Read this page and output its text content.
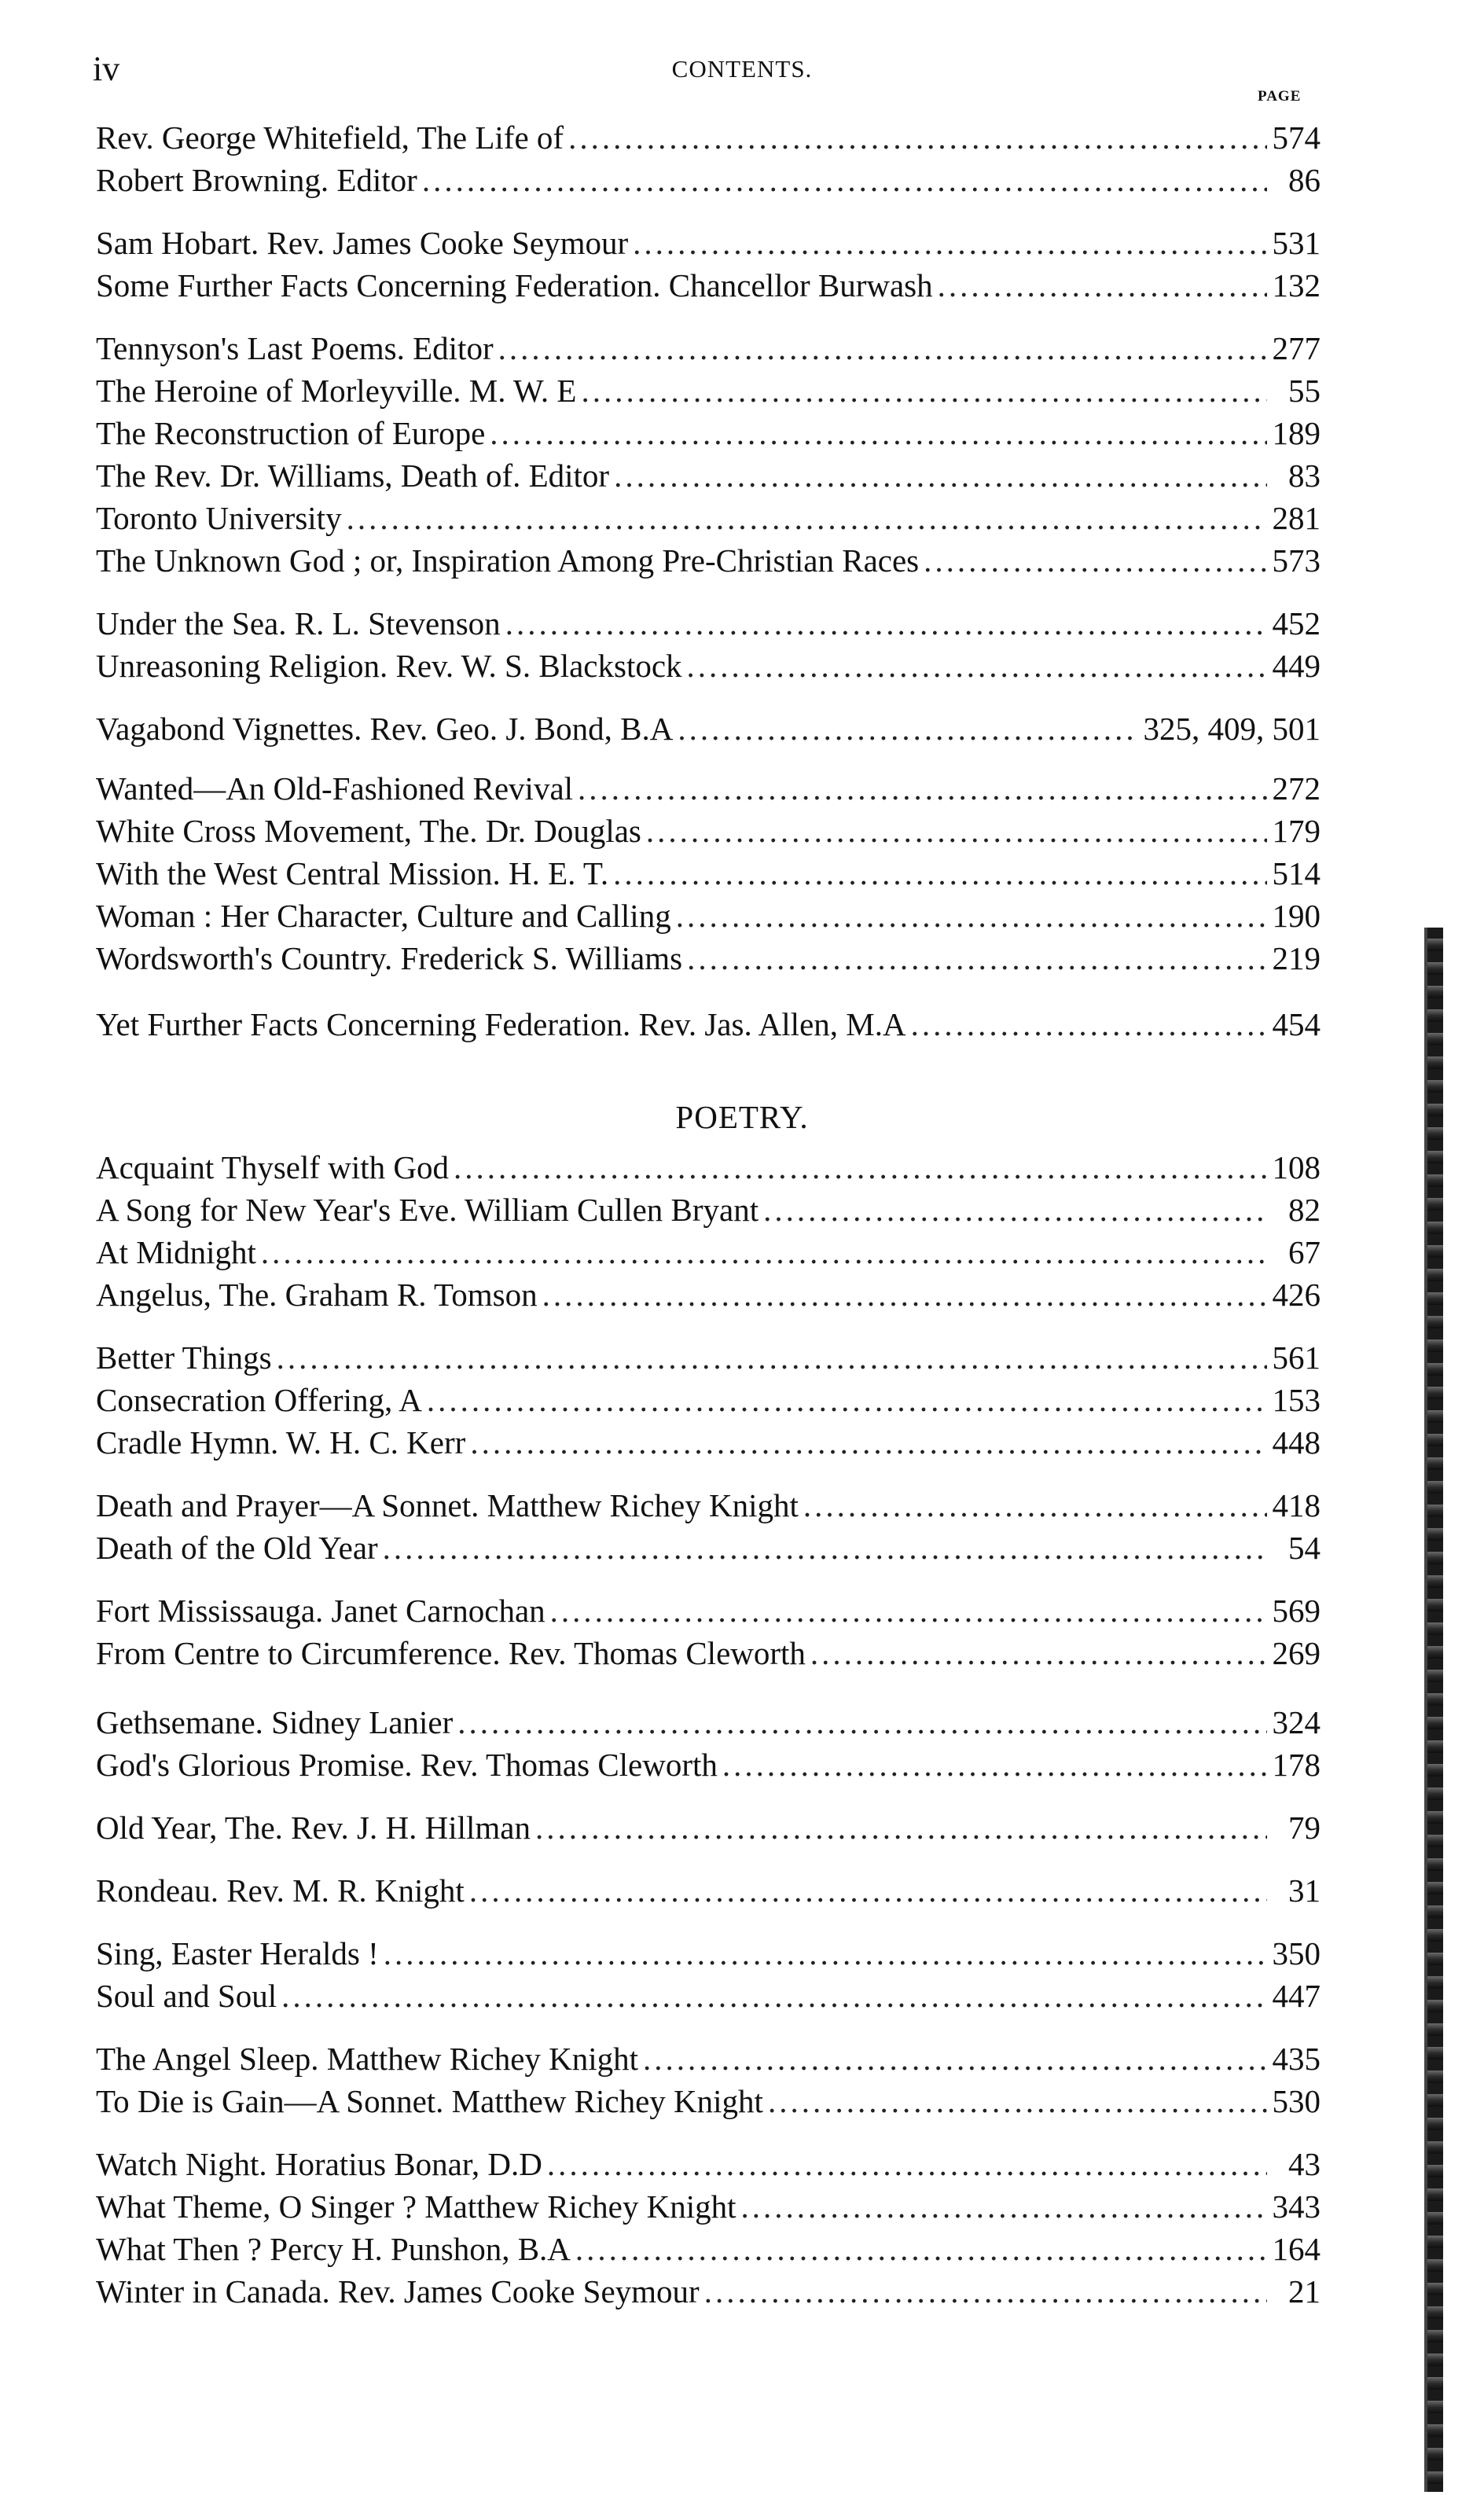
iv	CONTENTS.
PAGE
Rev. George Whitefield, The Life of .....	574
Robert Browning. Editor .....	86
Sam Hobart. Rev. James Cooke Seymour .....	531
Some Further Facts Concerning Federation. Chancellor Burwash .....	132
Tennyson's Last Poems. Editor .....	277
The Heroine of Morleyville. M. W. E .....	55
The Reconstruction of Europe .....	189
The Rev. Dr. Williams, Death of. Editor .....	83
Toronto University .....	281
The Unknown God ; or, Inspiration Among Pre-Christian Races .....	573
Under the Sea. R. L. Stevenson .....	452
Unreasoning Religion. Rev. W. S. Blackstock .....	449
Vagabond Vignettes. Rev. Geo. J. Bond, B.A .....	325, 409, 501
Wanted—An Old-Fashioned Revival .....	272
White Cross Movement, The. Dr. Douglas .....	179
With the West Central Mission. H. E. T. .....	514
Woman : Her Character, Culture and Calling .....	190
Wordsworth's Country. Frederick S. Williams .....	219
Yet Further Facts Concerning Federation. Rev. Jas. Allen, M.A .....	454
POETRY.
Acquaint Thyself with God .....	108
A Song for New Year's Eve. William Cullen Bryant .....	82
At Midnight .....	67
Angelus, The. Graham R. Tomson .....	426
Better Things .....	561
Consecration Offering, A .....	153
Cradle Hymn. W. H. C. Kerr .....	448
Death and Prayer—A Sonnet. Matthew Richey Knight .....	418
Death of the Old Year .....	54
Fort Mississauga. Janet Carnochan .....	569
From Centre to Circumference. Rev. Thomas Cleworth .....	269
Gethsemane. Sidney Lanier .....	324
God's Glorious Promise. Rev. Thomas Cleworth .....	178
Old Year, The. Rev. J. H. Hillman .....	79
Rondeau. Rev. M. R. Knight .....	31
Sing, Easter Heralds ! .....	350
Soul and Soul .....	447
The Angel Sleep. Matthew Richey Knight .....	435
To Die is Gain—A Sonnet. Matthew Richey Knight .....	530
Watch Night. Horatius Bonar, D.D .....	43
What Theme, O Singer ? Matthew Richey Knight .....	343
What Then ? Percy H. Punshon, B.A .....	164
Winter in Canada. Rev. James Cooke Seymour .....	21
